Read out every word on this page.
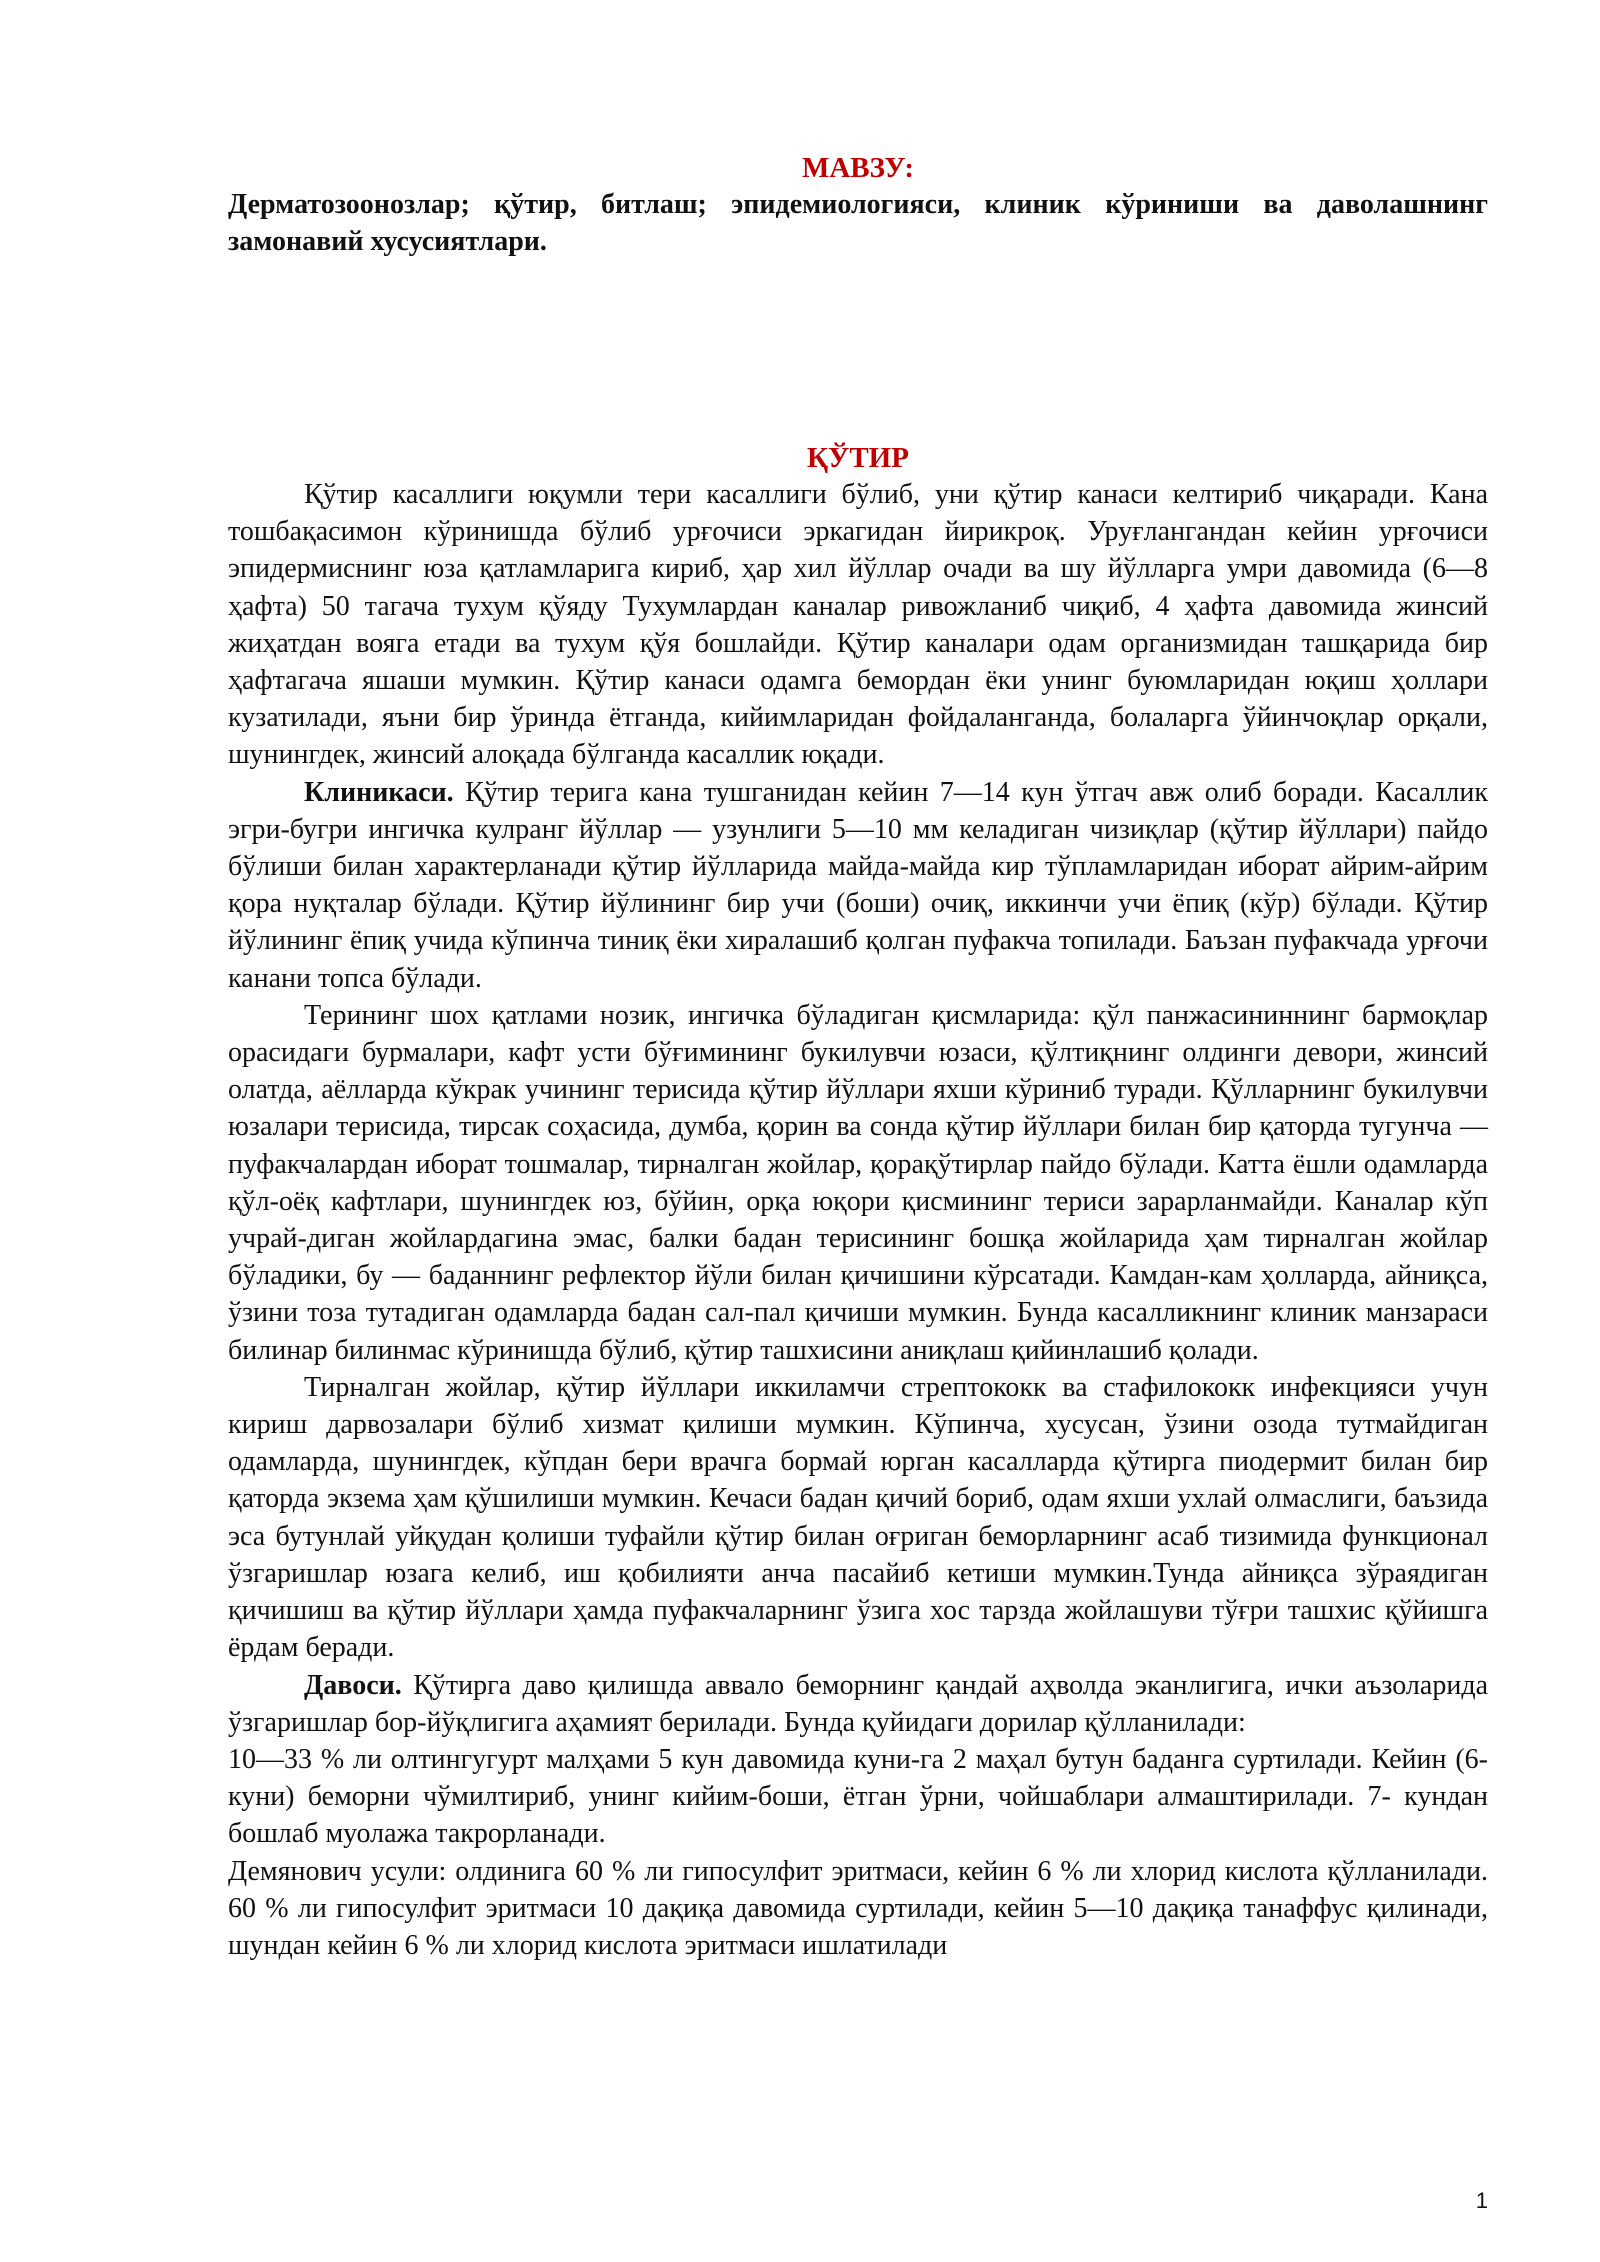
МАВЗУ:

Дерматозоонозлар; қўтир, битлаш; эпидемиологияси, клиник кўриниши ва даволашнинг замонавий хусусиятлари.

ҚЎТИР

Қўтир касаллиги юқумли тери касаллиги бўлиб, уни қўтир канаси келтириб чиқаради. Кана тошбақасимон кўринишда бўлиб урғочиси эркагидан йирикроқ. Уруғлангандан кейин урғочиси эпидермиснинг юза қатламларига кириб, ҳар хил йўллар очади ва шу йўлларга умри давомида (6—8 ҳафта) 50 тагача тухум қўяду Тухумлардан каналар ривожланиб чиқиб, 4 ҳафта давомида жинсий жиҳатдан вояга етади ва тухум қўя бошлайди. Қўтир каналари одам организмидан ташқарида бир ҳафтагача яшаши мумкин. Қўтир канаси одамга бемордан ёки унинг буюмларидан юқиш ҳоллари кузатилади, яъни бир ўринда ётганда, кийимларидан фойдаланганда, болаларга ўйинчоқлар орқали, шунингдек, жинсий алоқада бўлганда касаллик юқади.

Клиникаси. Қўтир терига кана тушганидан кейин 7—14 кун ўтгач авж олиб боради. Касаллик эгри-бугри ингичка кулранг йўллар — узунлиги 5—10 мм келадиган чизиқлар (қўтир йўллари) пайдо бўлиши билан характерланади қўтир йўлларида майда-майда кир тўпламларидан иборат айрим-айрим қора нуқталар бўлади. Қўтир йўлининг бир учи (боши) очиқ, иккинчи учи ёпиқ (кўр) бўлади. Қўтир йўлининг ёпиқ учида кўпинча тиниқ ёки хиралашиб қолган пуфакча топилади. Баъзан пуфакчада урғочи канани топса бўлади.

Терининг шох қатлами нозик, ингичка бўладиган қисмларида: қўл панжасининнинг бармоқлар орасидаги бурмалари, кафт усти бўғимининг букилувчи юзаси, қўлтиқнинг олдинги девори, жинсий олатда, аёлларда кўкрак учининг терисида қўтир йўллари яхши кўриниб туради. Қўлларнинг букилувчи юзалари терисида, тирсак соҳасида, думба, қорин ва сонда қўтир йўллари билан бир қаторда тугунча — пуфакчалардан иборат тошмалар, тирналган жойлар, қорақўтирлар пайдо бўлади. Катта ёшли одамларда қўл-оёқ кафтлари, шунингдек юз, бўйин, орқа юқори қисмининг териси зарарланмайди. Каналар кўп учрай-диган жойлардагина эмас, балки бадан терисининг бошқа жойларида ҳам тирналган жойлар бўладики, бу — баданнинг рефлектор йўли билан қичишини кўрсатади. Камдан-кам ҳолларда, айниқса, ўзини тоза тутадиган одамларда бадан сал-пал қичиши мумкин. Бунда касалликнинг клиник манзараси билинар билинмас кўринишда бўлиб, қўтир ташхисини аниқлаш қийинлашиб қолади.

Тирналган жойлар, қўтир йўллари иккиламчи стрептококк ва стафилококк инфекцияси учун кириш дарвозалари бўлиб хизмат қилиши мумкин. Кўпинча, хусусан, ўзини озода тутмайдиган одамларда, шунингдек, кўпдан бери врачга бормай юрган касалларда қўтирга пиодермит билан бир қаторда экзема ҳам қўшилиши мумкин. Кечаси бадан қичий бориб, одам яхши ухлай олмаслиги, баъзида эса бутунлай уйқудан қолиши туфайли қўтир билан оғриган беморларнинг асаб тизимида функционал ўзгаришлар юзага келиб, иш қобилияти анча пасайиб кетиши мумкин.Тунда айниқса зўраядиган қичишиш ва қўтир йўллари ҳамда пуфакчаларнинг ўзига хос тарзда жойлашуви тўғри ташхис қўйишга ёрдам беради.

Давоси. Қўтирга даво қилишда аввало беморнинг қандай аҳволда эканлигига, ички аъзоларида ўзгаришлар бор-йўқлигига аҳамият берилади. Бунда қуйидаги дорилар қўлланилади:

10—33 % ли олтингугурт малҳами 5 кун давомида куни-га 2 маҳал бутун баданга суртилади. Кейин (6- куни) беморни чўмилтириб, унинг кийим-боши, ётган ўрни, чойшаблари алмаштирилади. 7- кундан бошлаб муолажа такрорланади.

Демянович усули: олдинига 60 % ли гипосулфит эритмаси, кейин 6 % ли хлорид кислота қўлланилади. 60 % ли гипосулфит эритмаси 10 дақиқа давомида суртилади, кейин 5—10 дақиқа танаффус қилинади, шундан кейин 6 % ли хлорид кислота эритмаси ишлатилади

1
